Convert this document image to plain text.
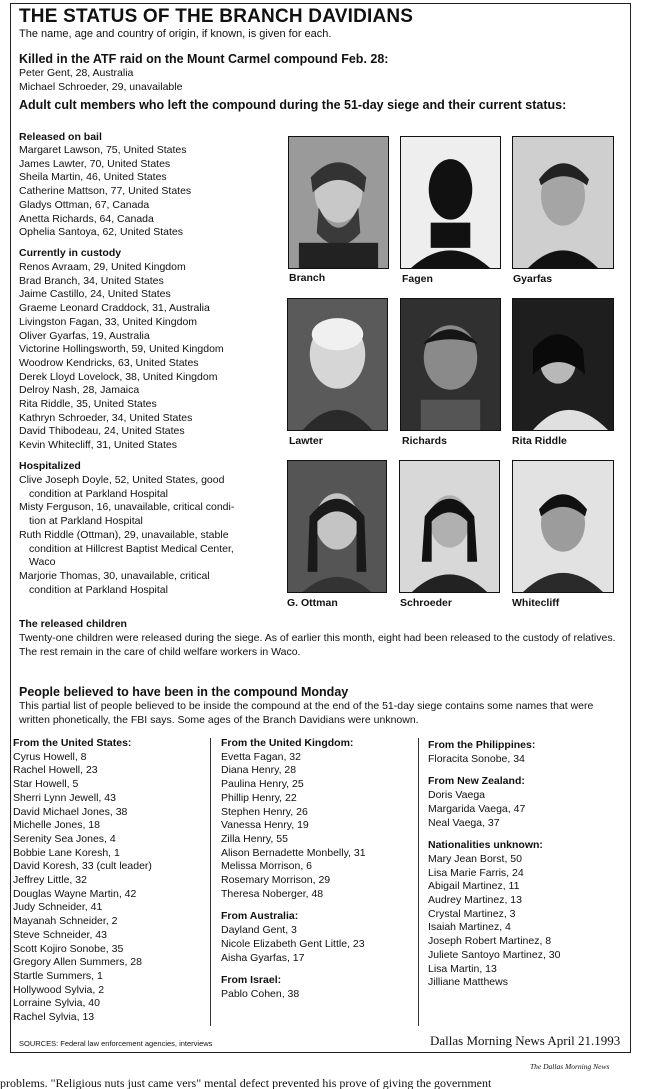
THE STATUS OF THE BRANCH DAVIDIANS
The name, age and country of origin, if known, is given for each.
Killed in the ATF raid on the Mount Carmel compound Feb. 28:
Peter Gent, 28, Australia
Michael Schroeder, 29, unavailable
Adult cult members who left the compound during the 51-day siege and their current status:
Released on bail
Margaret Lawson, 75, United States
James Lawter, 70, United States
Sheila Martin, 46, United States
Catherine Mattson, 77, United States
Gladys Ottman, 67, Canada
Anetta Richards, 64, Canada
Ophelia Santoya, 62, United States
Currently in custody
Renos Avraam, 29, United Kingdom
Brad Branch, 34, United States
Jaime Castillo, 24, United States
Graeme Leonard Craddock, 31, Australia
Livingston Fagan, 33, United Kingdom
Oliver Gyarfas, 19, Australia
Victorine Hollingsworth, 59, United Kingdom
Woodrow Kendricks, 63, United States
Derek Lloyd Lovelock, 38, United Kingdom
Delroy Nash, 28, Jamaica
Rita Riddle, 35, United States
Kathryn Schroeder, 34, United States
David Thibodeau, 24, United States
Kevin Whitecliff, 31, United States
Hospitalized
Clive Joseph Doyle, 52, United States, good
condition at Parkland Hospital
Misty Ferguson, 16, unavailable, critical condi-
tion at Parkland Hospital
Ruth Riddle (Ottman), 29, unavailable, stable
condition at Hillcrest Baptist Medical Center,
Waco
Marjorie Thomas, 30, unavailable, critical
condition at Parkland Hospital
Branch	Fagen	Gyarfas
Lawter	Richards	Rita Riddle
G. Ottman	Schroeder	Whitecliff
The released children
Twenty-one children were released during the siege. As of earlier this month, eight had been released to the custody of relatives. The rest remain in the care of child welfare workers in Waco.
People believed to have been in the compound Monday
This partial list of people believed to be inside the compound at the end of the 51-day siege contains some names that were written phonetically, the FBI says. Some ages of the Branch Davidians were unknown.
From the United States:
Cyrus Howell, 8
Rachel Howell, 23
Star Howell, 5
Sherri Lynn Jewell, 43
David Michael Jones, 38
Michelle Jones, 18
Serenity Sea Jones, 4
Bobbie Lane Koresh, 1
David Koresh, 33 (cult leader)
Jeffrey Little, 32
Douglas Wayne Martin, 42
Judy Schneider, 41
Mayanah Schneider, 2
Steve Schneider, 43
Scott Kojiro Sonobe, 35
Gregory Allen Summers, 28
Startle Summers, 1
Hollywood Sylvia, 2
Lorraine Sylvia, 40
Rachel Sylvia, 13
From the United Kingdom:
Evetta Fagan, 32
Diana Henry, 28
Paulina Henry, 25
Phillip Henry, 22
Stephen Henry, 26
Vanessa Henry, 19
Zilla Henry, 55
Alison Bernadette Monbelly, 31
Melissa Morrison, 6
Rosemary Morrison, 29
Theresa Noberger, 48
From Australia:
Dayland Gent, 3
Nicole Elizabeth Gent Little, 23
Aisha Gyarfas, 17
From Israel:
Pablo Cohen, 38
From the Philippines:
Floracita Sonobe, 34
From New Zealand:
Doris Vaega
Margarida Vaega, 47
Neal Vaega, 37
Nationalities unknown:
Mary Jean Borst, 50
Lisa Marie Farris, 24
Abigail Martinez, 11
Audrey Martinez, 13
Crystal Martinez, 3
Isaiah Martinez, 4
Joseph Robert Martinez, 8
Juliete Santoyo Martinez, 30
Lisa Martin, 13
Jilliane Matthews
SOURCES: Federal law enforcement agencies, interviews	Dallas Morning News April 21.1993
The Dallas Morning News
problems. "Religious nuts just came vers" mental defect prevented his prove of giving the government
